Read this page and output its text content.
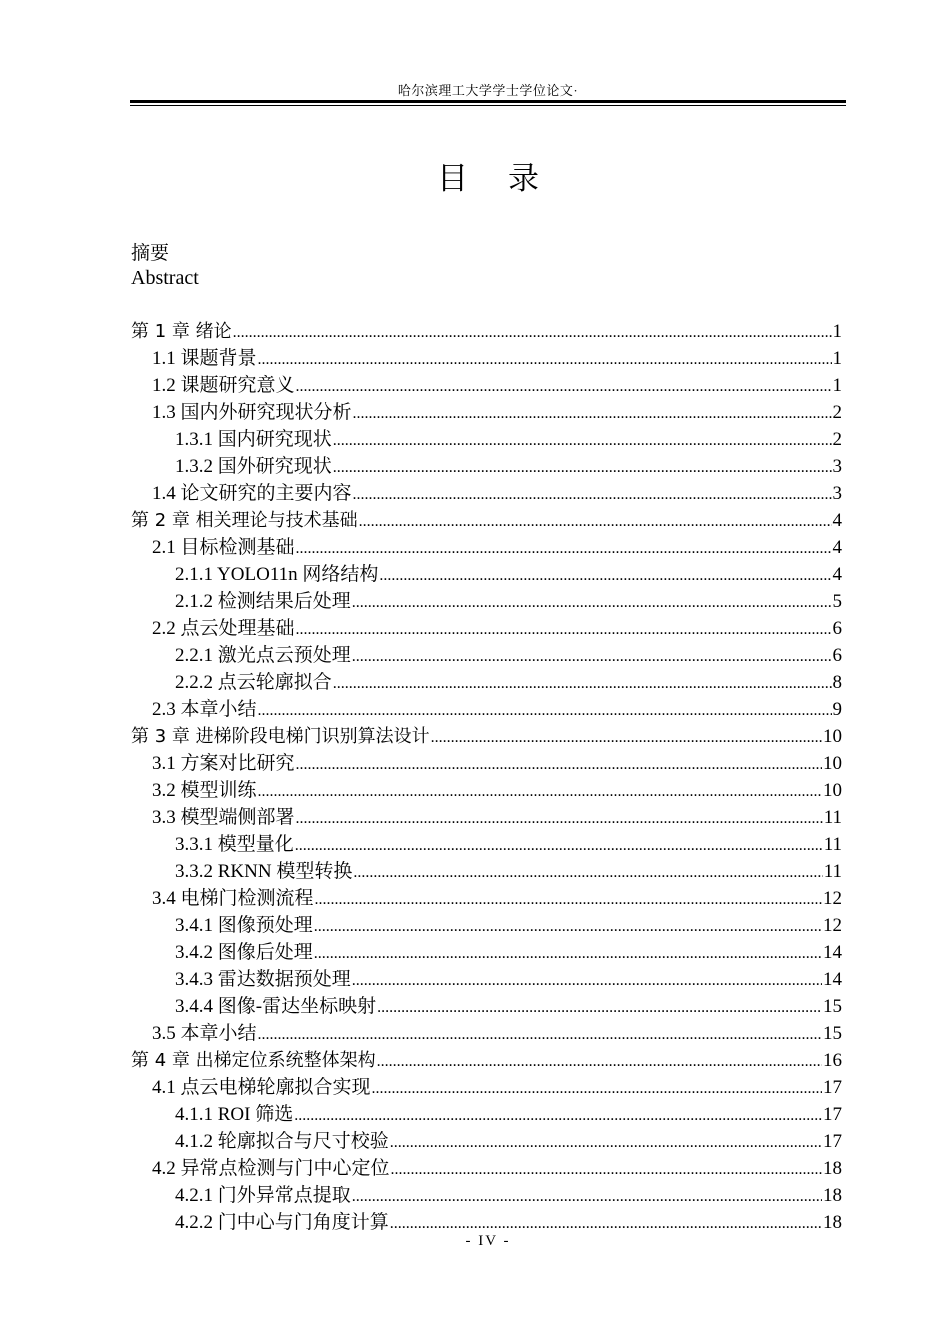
哈尔滨理工大学学士学位论文·
目录
摘要
Abstract
第 1 章 绪论 .....	1
1.1 课题背景 .....	1
1.2 课题研究意义 .....	1
1.3 国内外研究现状分析 .....	2
1.3.1 国内研究现状 .....	2
1.3.2 国外研究现状 .....	3
1.4 论文研究的主要内容 .....	3
第 2 章 相关理论与技术基础 .....	4
2.1 目标检测基础 .....	4
2.1.1 YOLO11n 网络结构 .....	4
2.1.2 检测结果后处理 .....	5
2.2 点云处理基础 .....	6
2.2.1 激光点云预处理 .....	6
2.2.2 点云轮廓拟合 .....	8
2.3 本章小结 .....	9
第 3 章 进梯阶段电梯门识别算法设计 .....	10
3.1 方案对比研究 .....	10
3.2 模型训练 .....	10
3.3 模型端侧部署 .....	11
3.3.1 模型量化 .....	11
3.3.2 RKNN 模型转换 .....	11
3.4 电梯门检测流程 .....	12
3.4.1 图像预处理 .....	12
3.4.2 图像后处理 .....	14
3.4.3 雷达数据预处理 .....	14
3.4.4 图像-雷达坐标映射 .....	15
3.5 本章小结 .....	15
第 4 章 出梯定位系统整体架构 .....	16
4.1 点云电梯轮廓拟合实现 .....	17
4.1.1 ROI 筛选 .....	17
4.1.2 轮廓拟合与尺寸校验 .....	17
4.2 异常点检测与门中心定位 .....	18
4.2.1 门外异常点提取 .....	18
4.2.2 门中心与门角度计算 .....	18
- IV -
